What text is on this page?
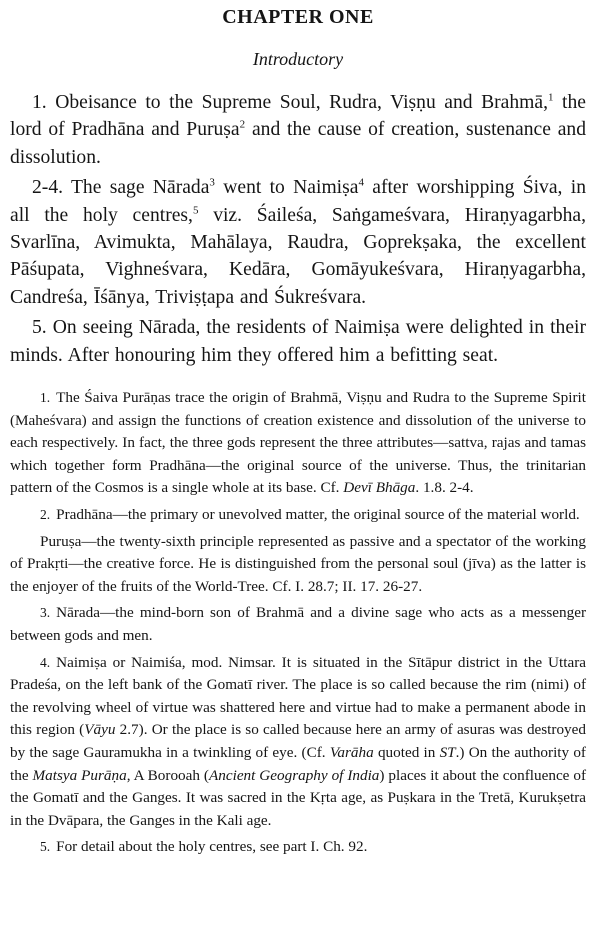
CHAPTER ONE
Introductory

1. Obeisance to the Supreme Soul, Rudra, Viṣṇu and Brahmā,$^1$ the lord of Pradhāna and Puruṣa$^2$ and the cause of creation, sustenance and dissolution.

2-4. The sage Nārada$^3$ went to Naimiṣa$^4$ after worshipping Śiva, in all the holy centres,$^5$ viz. Śaileśa, Saṅgameśvara, Hiraṇyagarbha, Svarlīna, Avimukta, Mahālaya, Raudra, Goprekṣaka, the excellent Pāśupata, Vighneśvara, Kedāra, Gomāyukeśvara, Hiraṇyagarbha, Candreśa, Īśānya, Triviṣṭapa and Śukreśvara.

5. On seeing Nārada, the residents of Naimiṣa were delighted in their minds. After honouring him they offered him a befitting seat.

1. The Śaiva Purāṇas trace the origin of Brahmā, Viṣṇu and Rudra to the Supreme Spirit (Maheśvara) and assign the functions of creation existence and dissolution of the universe to each respectively. In fact, the three gods represent the three attributes—sattva, rajas and tamas which together form Pradhāna—the original source of the universe. Thus, the trinitarian pattern of the Cosmos is a single whole at its base. Cf. Devī Bhāga. 1.8. 2-4.

2. Pradhāna—the primary or unevolved matter, the original source of the material world.

Puruṣa—the twenty-sixth principle represented as passive and a spectator of the working of Prakṛti—the creative force. He is distinguished from the personal soul (jīva) as the latter is the enjoyer of the fruits of the World-Tree. Cf. I. 28.7; II. 17. 26-27.

3. Nārada—the mind-born son of Brahmā and a divine sage who acts as a messenger between gods and men.

4. Naimiṣa or Naimiśa, mod. Nimsar. It is situated in the Sītāpur district in the Uttara Pradeśa, on the left bank of the Gomatī river. The place is so called because the rim (nimi) of the revolving wheel of virtue was shattered here and virtue had to make a permanent abode in this region (Vāyu 2.7). Or the place is so called because here an army of asuras was destroyed by the sage Gauramukha in a twinkling of eye. (Cf. Varāha quoted in ST.) On the authority of the Matsya Purāṇa, A Borooah (Ancient Geography of India) places it about the confluence of the Gomatī and the Ganges. It was sacred in the Kṛta age, as Puṣkara in the Tretā, Kurukṣetra in the Dvāpara, the Ganges in the Kali age.

5. For detail about the holy centres, see part I. Ch. 92.
